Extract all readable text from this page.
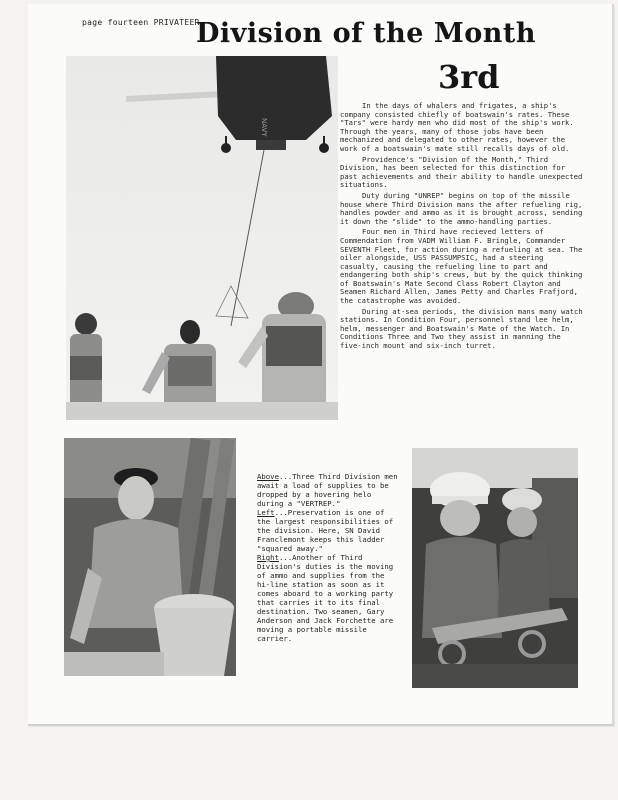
page fourteen PRIVATEER
Division of the Month
3rd
NAVY

In the days of whalers and frigates, a ship's company consisted chiefly of boatswain's rates. These "Tars" were hardy men who did most of the ship's work. Through the years, many of those jobs have been mechanized and delegated to other rates, however the work of a boatswain's mate still recalls days of old.

Providence's "Division of the Month," Third Division, has been selected for this distinction for past achievements and their ability to handle unexpected situations.

Duty during "UNREP" begins on top of the missile house where Third Division mans the after refueling rig, handles powder and ammo as it is brought across, sending it down the "slide" to the ammo-handling parties.

Four men in Third have recieved letters of Commendation from VADM William F. Bringle, Commander SEVENTH Fleet, for action during a refueling at sea. The oiler alongside, USS PASSUMPSIC, had a steering casualty, causing the refueling line to part and endangering both ship's crews, but by the quick thinking of Boatswain's Mate Second Class Robert Clayton and Seamen Richard Allen, James Petty and Charles Frafjord, the catastrophe was avoided.

During at-sea periods, the division mans many watch stations. In Condition Four, personnel stand lee helm, helm, messenger and Boatswain's Mate of the Watch. In Conditions Three and Two they assist in manning the five-inch mount and six-inch turret.

Above...Three Third Division men await a load of supplies to be dropped by a hovering helo during a "VERTREP."

Left...Preservation is one of the largest responsibilities of the division. Here, SN David Franclemont keeps this ladder "squared away."

Right...Another of Third Division's duties is the moving of ammo and supplies from the hi-line station as soon as it comes aboard to a working party that carries it to its final destination. Two seamen, Gary Anderson and Jack Forchette are moving a portable missile carrier.
